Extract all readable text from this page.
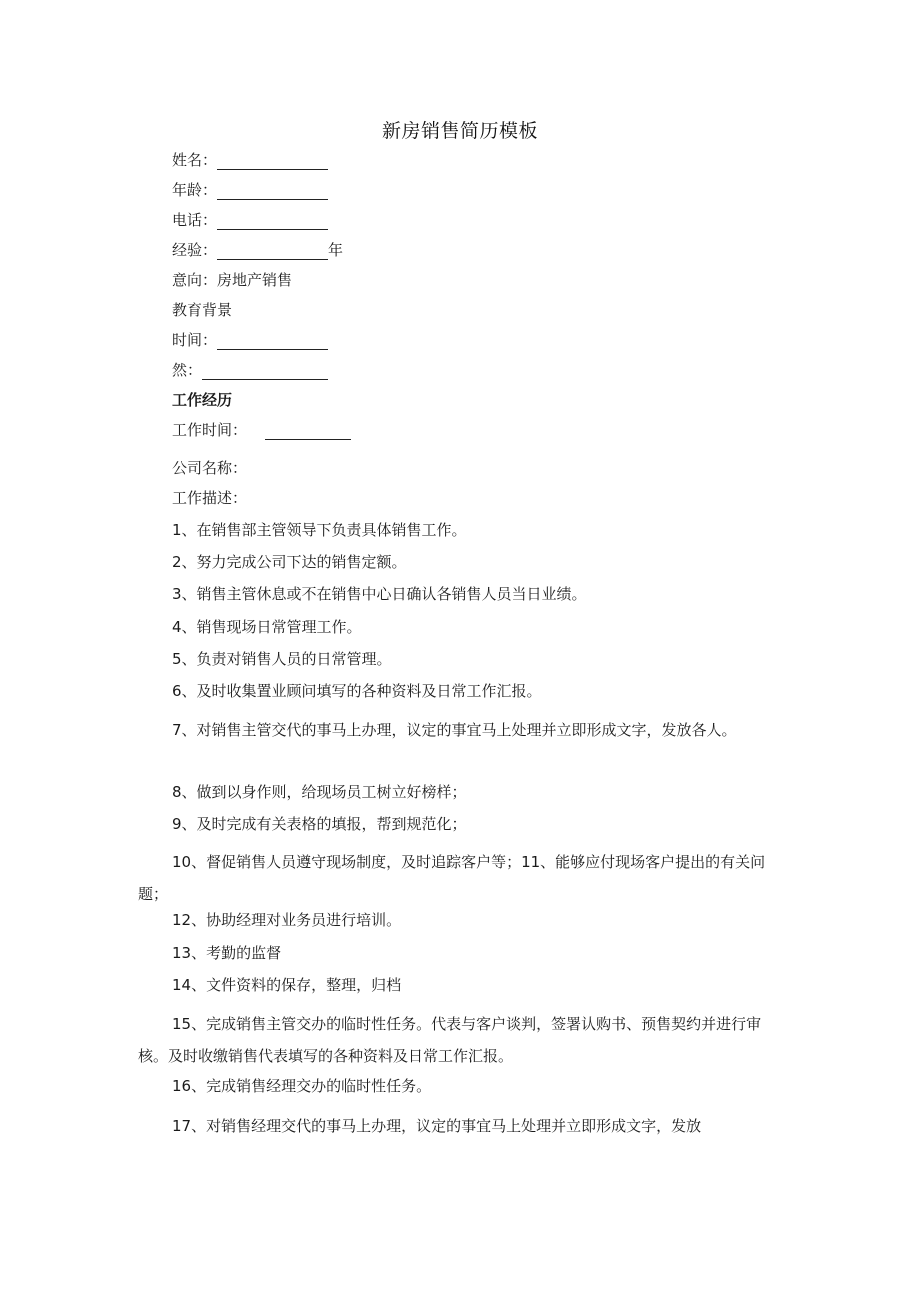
新房销售简历模板
姓名：
年龄：
电话：
经验：	年
意向：房地产销售
教育背景
时间：
然：
工作经历
工作时间：
公司名称：
工作描述：
1、在销售部主管领导下负责具体销售工作。
2、努力完成公司下达的销售定额。
3、销售主管休息或不在销售中心日确认各销售人员当日业绩。
4、销售现场日常管理工作。
5、负责对销售人员的日常管理。
6、及时收集置业顾问填写的各种资料及日常工作汇报。
7、对销售主管交代的事马上办理，议定的事宜马上处理并立即形成文字，发放各人。
8、做到以身作则，给现场员工树立好榜样；
9、及时完成有关表格的填报，帮到规范化；
10、督促销售人员遵守现场制度，及时追踪客户等；11、能够应付现场客户提出的有关问题；
12、协助经理对业务员进行培训。
13、考勤的监督
14、文件资料的保存，整理，归档
15、完成销售主管交办的临时性任务。代表与客户谈判，签署认购书、预售契约并进行审核。及时收缴销售代表填写的各种资料及日常工作汇报。
16、完成销售经理交办的临时性任务。
17、对销售经理交代的事马上办理，议定的事宜马上处理并立即形成文字，发放
